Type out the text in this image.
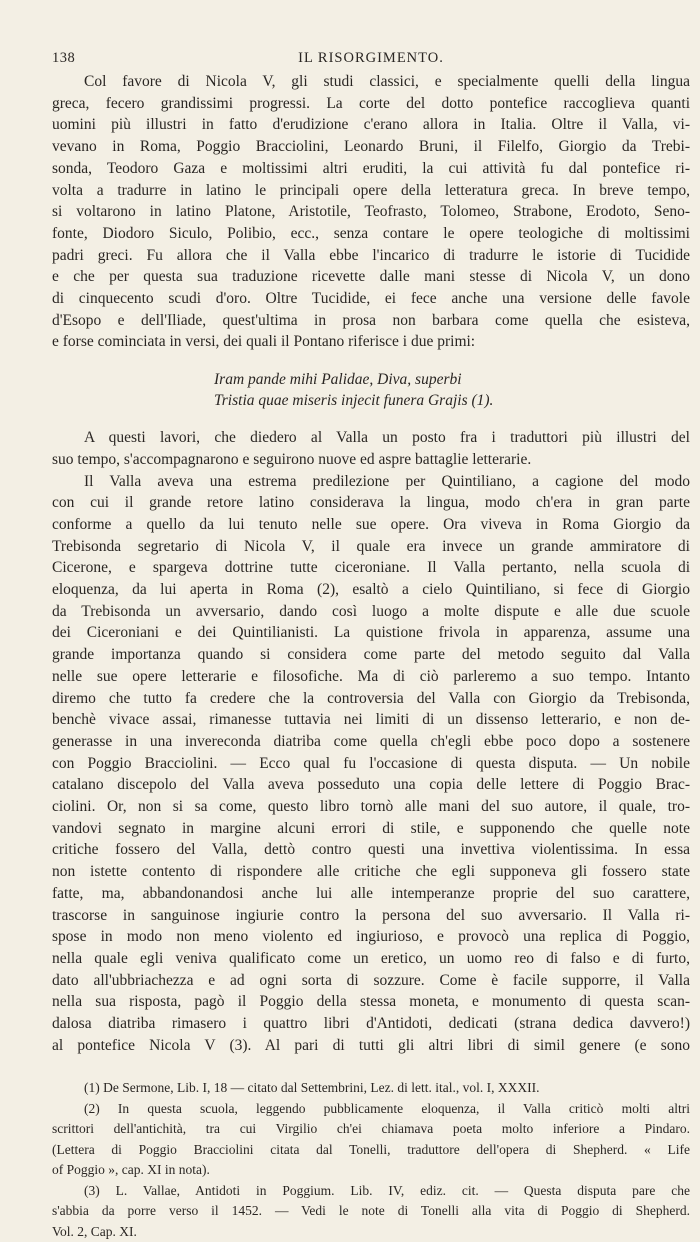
138	IL RISORGIMENTO.
Col favore di Nicola V, gli studi classici, e specialmente quelli della lingua
greca, fecero grandissimi progressi. La corte del dotto pontefice raccoglieva quanti
uomini più illustri in fatto d'erudizione c'erano allora in Italia. Oltre il Valla, vi-
vevano in Roma, Poggio Bracciolini, Leonardo Bruni, il Filelfo, Giorgio da Trebi-
sonda, Teodoro Gaza e moltissimi altri eruditi, la cui attività fu dal pontefice ri-
volta a tradurre in latino le principali opere della letteratura greca. In breve tempo,
si voltarono in latino Platone, Aristotile, Teofrasto, Tolomeo, Strabone, Erodoto, Seno-
fonte, Diodoro Siculo, Polibio, ecc., senza contare le opere teologiche di moltissimi
padri greci. Fu allora che il Valla ebbe l'incarico di tradurre le istorie di Tucidide
e che per questa sua traduzione ricevette dalle mani stesse di Nicola V, un dono
di cinquecento scudi d'oro. Oltre Tucidide, ei fece anche una versione delle favole
d'Esopo e dell'Iliade, quest'ultima in prosa non barbara come quella che esisteva,
e forse cominciata in versi, dei quali il Pontano riferisce i due primi:
Iram pande mihi Palidae, Diva, superbi
Tristia quae miseris injecit funera Grajis (1).
A questi lavori, che diedero al Valla un posto fra i traduttori più illustri del
suo tempo, s'accompagnarono e seguirono nuove ed aspre battaglie letterarie.
Il Valla aveva una estrema predilezione per Quintiliano, a cagione del modo
con cui il grande retore latino considerava la lingua, modo ch'era in gran parte
conforme a quello da lui tenuto nelle sue opere. Ora viveva in Roma Giorgio da
Trebisonda segretario di Nicola V, il quale era invece un grande ammiratore di
Cicerone, e spargeva dottrine tutte ciceroniane. Il Valla pertanto, nella scuola di
eloquenza, da lui aperta in Roma (2), esaltò a cielo Quintiliano, si fece di Giorgio
da Trebisonda un avversario, dando così luogo a molte dispute e alle due scuole
dei Ciceroniani e dei Quintilianisti. La quistione frivola in apparenza, assume una
grande importanza quando si considera come parte del metodo seguito dal Valla
nelle sue opere letterarie e filosofiche. Ma di ciò parleremo a suo tempo. Intanto
diremo che tutto fa credere che la controversia del Valla con Giorgio da Trebisonda,
benchè vivace assai, rimanesse tuttavia nei limiti di un dissenso letterario, e non de-
generasse in una invereconda diatriba come quella ch'egli ebbe poco dopo a sostenere
con Poggio Bracciolini. — Ecco qual fu l'occasione di questa disputa. — Un nobile
catalano discepolo del Valla aveva posseduto una copia delle lettere di Poggio Brac-
ciolini. Or, non si sa come, questo libro tornò alle mani del suo autore, il quale, tro-
vandovi segnato in margine alcuni errori di stile, e supponendo che quelle note
critiche fossero del Valla, dettò contro questi una invettiva violentissima. In essa
non istette contento di rispondere alle critiche che egli supponeva gli fossero state
fatte, ma, abbandonandosi anche lui alle intemperanze proprie del suo carattere,
trascorse in sanguinose ingiurie contro la persona del suo avversario. Il Valla ri-
spose in modo non meno violento ed ingiurioso, e provocò una replica di Poggio,
nella quale egli veniva qualificato come un eretico, un uomo reo di falso e di furto,
dato all'ubbriachezza e ad ogni sorta di sozzure. Come è facile supporre, il Valla
nella sua risposta, pagò il Poggio della stessa moneta, e monumento di questa scan-
dalosa diatriba rimasero i quattro libri d'Antidoti, dedicati (strana dedica davvero!)
al pontefice Nicola V (3). Al pari di tutti gli altri libri di simil genere (e sono
(1) De Sermone, Lib. I, 18 — citato dal Settembrini, Lez. di lett. ital., vol. I, XXXII.
(2) In questa scuola, leggendo pubblicamente eloquenza, il Valla criticò molti altri
scrittori dell'antichità, tra cui Virgilio ch'ei chiamava poeta molto inferiore a Pindaro.
(Lettera di Poggio Bracciolini citata dal Tonelli, traduttore dell'opera di Shepherd. « Life
of Poggio », cap. XI in nota).
(3) L. Vallae, Antidoti in Poggium. Lib. IV, ediz. cit. — Questa disputa pare che
s'abbia da porre verso il 1452. — Vedi le note di Tonelli alla vita di Poggio di Shepherd.
Vol. 2, Cap. XI.
